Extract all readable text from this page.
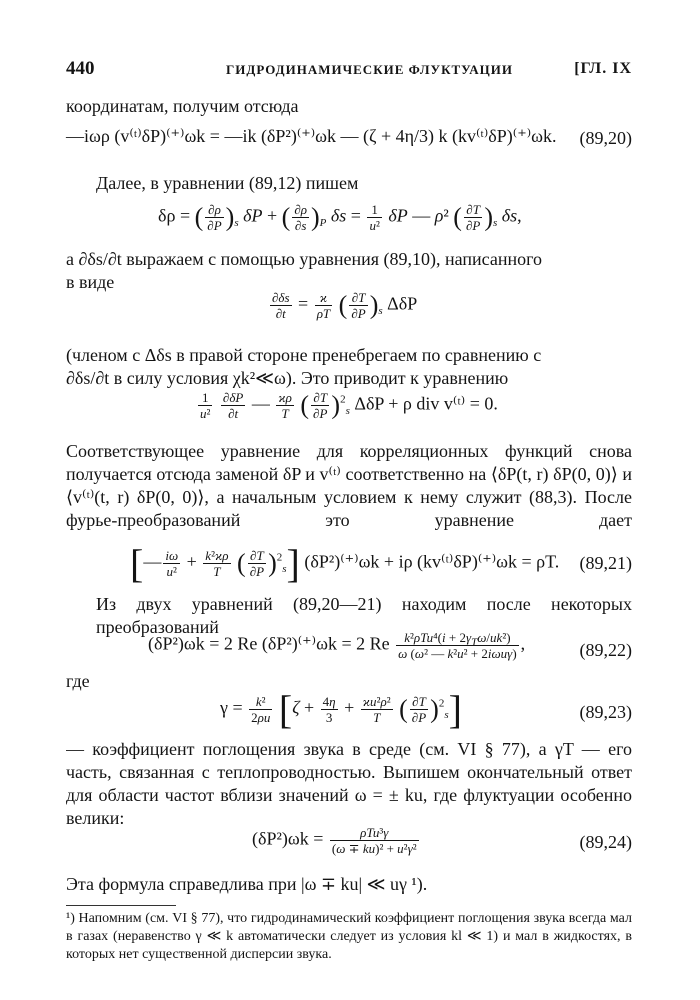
440	ГИДРОДИНАМИЧЕСКИЕ ФЛУКТУАЦИИ	[ГЛ. IX
координатам, получим отсюда
—iωρ (v⁽ᵗ⁾δP)⁽⁺⁾ωk = —ik (δP²)⁽⁺⁾ωk — (ζ + 4η/3) k (kv⁽ᵗ⁾δP)⁽⁺⁾ωk. (89,20)
Далее, в уравнении (89,12) пишем
δρ = ( $\frac{\partial\rho}{\partial P} )_s$ δP + ( $\frac{\partial\rho}{\partial s} )_P$ $\delta s = \frac{1}{\text{u²}}$ δP — ρ² ( $\frac{\partial T}{\partial P} )_s$ δs,
а ∂δs/∂t выражаем с помощью уравнения (89,10), написанного
в виде
$\frac{\partial\delta s}{\partial t} = \frac{ϰ}{\rho T}$ ( $\frac{\partial T}{\partial P} )_s$ ΔδP
(членом с Δδs в правой стороне пренебрегаем по сравнению с
∂δs/∂t в силу условия χk²≪ω). Это приводит к уравнению
$\frac{1}{\text{u²}}$
$\frac{\partial\delta P}{\partial t}$ — $\frac{ϰ\rho}{T}$ ( $\frac{\partial T}{\partial P} )^2_s$ ΔδP + ρ div v⁽ᵗ⁾ = 0.
Соответствующее уравнение для корреляционных функций снова получается отсюда заменой δP и v⁽ᵗ⁾ соответственно на ⟨δP(t, r) δP(0, 0)⟩ и ⟨v⁽ᵗ⁾(t, r) δP(0, 0)⟩, а начальным условием к нему служит (88,3). После фурье-преобразований это уравнение дает
[— $\frac{i\omega}{\text{u²}} + \frac{\text{k²ϰρ}}{T}$ ( $\frac{\partial T}{\partial P} )^2_s$] (δP²)⁽⁺⁾ωk + iρ (kv⁽ᵗ⁾δP)⁽⁺⁾ωk = ρT. (89,21)
Из двух уравнений (89,20—21) находим после некоторых преобразований
(δP²)ωk = 2 Re (δP²)⁽⁺⁾ωk = 2 Re $\frac{k^2\rho Tu^4(i + 2\gamma_T\omega/uk^2)}{\text{ω (ω² — k²u² + 2iωuγ)}}$ ,	(89,22)
где
$\gamma = \frac{\text{k²}}{2\rho u} [\zeta + \frac{4\eta}{3} + \frac{\text{ϰu²ρ²}}{T}$ ( $\frac{\partial T}{\partial P} )^2_s$]	(89,23)
— коэффициент поглощения звука в среде (см. VI § 77), а γT — его часть, связанная с теплопроводностью. Выпишем окончательный ответ для области частот вблизи значений ω = ± ku, где флуктуации особенно велики:
$(\delta P^2)\omega k = \frac{\text{ρTu³γ}}{\text{(ω ∓ ku)² + u²γ²}}$	(89,24)
Эта формула справедлива при |ω ∓ ku| ≪ uγ ¹).
¹) Напомним (см. VI § 77), что гидродинамический коэффициент поглощения звука всегда мал в газах (неравенство γ ≪ k автоматически следует из условия kl ≪ 1) и мал в жидкостях, в которых нет существенной дисперсии звука.
